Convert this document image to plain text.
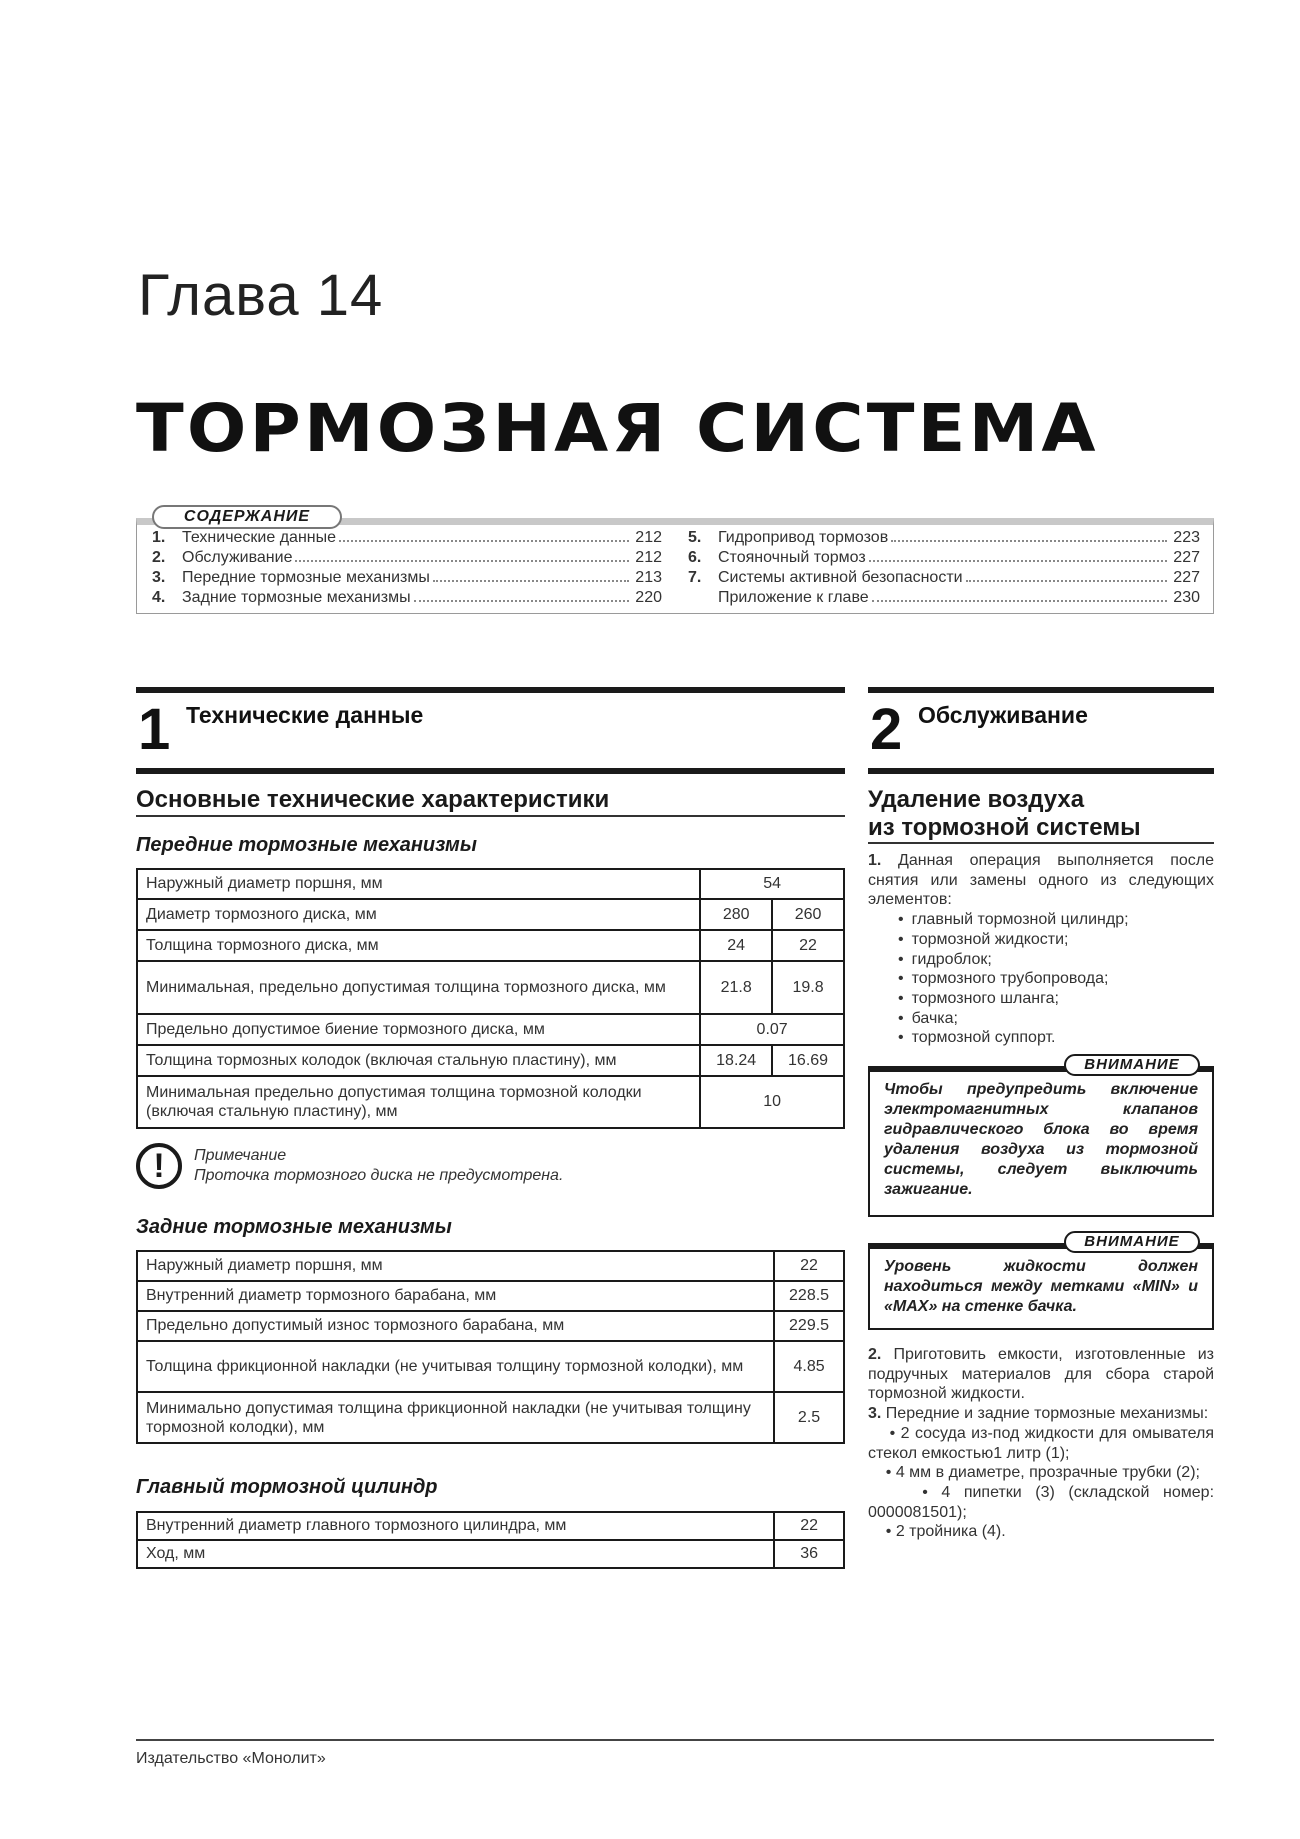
Глава 14
ТОРМОЗНАЯ СИСТЕМА
СОДЕРЖАНИЕ
1.	Технические данные	212
2.	Обслуживание	212
3.	Передние тормозные механизмы	213
4.	Задние тормозные механизмы	220
5.	Гидропривод тормозов	223
6.	Стояночный тормоз	227
7.	Системы активной безопасности	227
Приложение к главе	230
1 Технические данные
Основные технические характеристики
Передние тормозные механизмы
Наружный диаметр поршня, мм	54	
Диаметр тормозного диска, мм	280	260
Толщина тормозного диска, мм	24	22
Минимальная, предельно допустимая толщина тормозного диска, мм	21.8	19.8
Предельно допустимое биение тормозного диска, мм	0.07	
Толщина тормозных колодок (включая стальную пластину), мм	18.24	16.69
Минимальная предельно допустимая толщина тормозной колодки (включая стальную пластину), мм	10	
!	Примечание
Проточка тормозного диска не предусмотрена.
Задние тормозные механизмы
Наружный диаметр поршня, мм	22
Внутренний диаметр тормозного барабана, мм	228.5
Предельно допустимый износ тормозного барабана, мм	229.5
Толщина фрикционной накладки (не учитывая толщину тормозной колодки), мм	4.85
Минимально допустимая толщина фрикционной накладки (не учитывая толщину тормозной колодки), мм	2.5
Главный тормозной цилиндр
Внутренний диаметр главного тормозного цилиндра, мм	22
Ход, мм	36
2 Обслуживание
Удаление воздуха
из тормозной системы

1. Данная операция выполняется после снятия или замены одного из следующих элементов:

• главный тормозной цилиндр;
• тормозной жидкости;
• гидроблок;
• тормозного трубопровода;
• тормозного шланга;
• бачка;
• тормозной суппорт.
Чтобы предупредить включение электромагнитных клапанов гидравлического блока во время удаления воздуха из тормозной системы, следует выключить зажигание.
ВНИМАНИЕ
Уровень жидкости должен находиться между метками «MIN» и «MAX» на стенке бачка.
ВНИМАНИЕ

2. Приготовить емкости, изготовленные из подручных материалов для сбора старой тормозной жидкости.

3. Передние и задние тормозные механизмы:

• 2 сосуда из-под жидкости для омывателя стекол емкостью1 литр (1);

• 4 мм в диаметре, прозрачные трубки (2);

• 4 пипетки (3) (складской номер: 0000081501);

• 2 тройника (4).

Издательство «Монолит»
